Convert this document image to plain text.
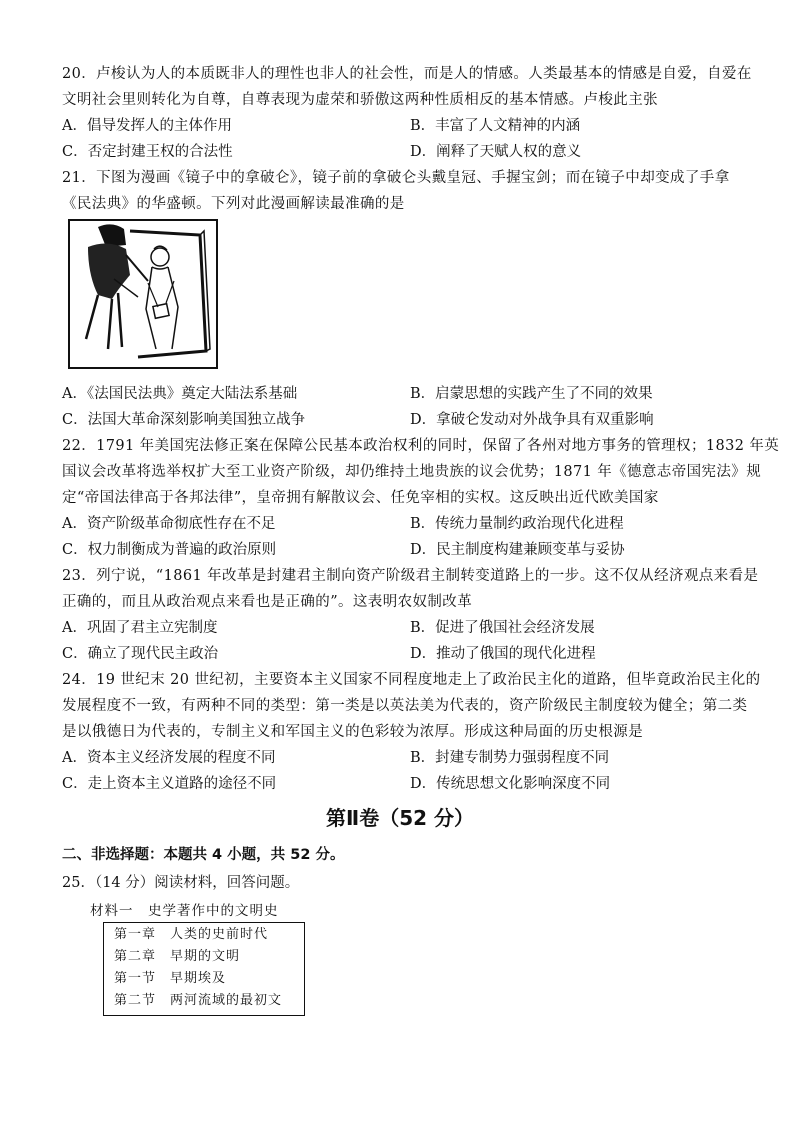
20．卢梭认为人的本质既非人的理性也非人的社会性，而是人的情感。人类最基本的情感是自爱，自爱在
文明社会里则转化为自尊，自尊表现为虚荣和骄傲这两种性质相反的基本情感。卢梭此主张
A．倡导发挥人的主体作用	B．丰富了人文精神的内涵
C．否定封建王权的合法性	D．阐释了天赋人权的意义
21．下图为漫画《镜子中的拿破仑》，镜子前的拿破仑头戴皇冠、手握宝剑；而在镜子中却变成了手拿
《民法典》的华盛顿。下列对此漫画解读最准确的是
A．《法国民法典》奠定大陆法系基础	B．启蒙思想的实践产生了不同的效果
C．法国大革命深刻影响美国独立战争	D．拿破仑发动对外战争具有双重影响
22．1791 年美国宪法修正案在保障公民基本政治权利的同时，保留了各州对地方事务的管理权；1832 年英
国议会改革将选举权扩大至工业资产阶级，却仍维持土地贵族的议会优势；1871 年《德意志帝国宪法》规
定“帝国法律高于各邦法律”，皇帝拥有解散议会、任免宰相的实权。这反映出近代欧美国家
A．资产阶级革命彻底性存在不足	B．传统力量制约政治现代化进程
C．权力制衡成为普遍的政治原则	D．民主制度构建兼顾变革与妥协
23．列宁说，“1861 年改革是封建君主制向资产阶级君主制转变道路上的一步。这不仅从经济观点来看是
正确的，而且从政治观点来看也是正确的”。这表明农奴制改革
A．巩固了君主立宪制度	B．促进了俄国社会经济发展
C．确立了现代民主政治	D．推动了俄国的现代化进程
24．19 世纪末 20 世纪初，主要资本主义国家不同程度地走上了政治民主化的道路，但毕竟政治民主化的
发展程度不一致，有两种不同的类型：第一类是以英法美为代表的，资产阶级民主制度较为健全；第二类
是以俄德日为代表的，专制主义和军国主义的色彩较为浓厚。形成这种局面的历史根源是
A．资本主义经济发展的程度不同	B．封建专制势力强弱程度不同
C．走上资本主义道路的途径不同	D．传统思想文化影响深度不同
第Ⅱ卷（52 分）
二、非选择题：本题共 4 小题，共 52 分。
25．（14 分）阅读材料，回答问题。
材料一　史学著作中的文明史
第一章　人类的史前时代
第二章　早期的文明
第一节　早期埃及
第二节　两河流域的最初文
